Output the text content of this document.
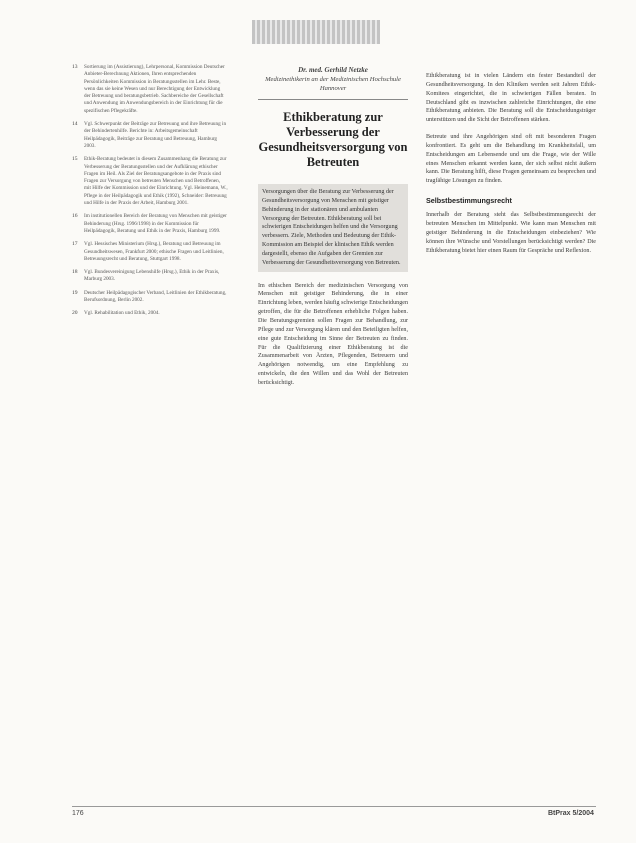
13 Sortierung im (Assistierung), Lehrpersonal, Kommission Deutscher Anbieter-Berechnung Aktionen, Ihren entsprechenden Persönlichkeiten Kommission in Beratungsstellen im Lehr. Beste, wenn das sie keine Wesen und nur Berechtigung der Entwicklung der Betreuung und beratungsbetrieb. Sachbereiche der Gesellschaft und Anwendung im Anwendungsbereich in der Einrichtung für die spezifischen Pflegekräfte.
14 Vgl. Schwerpunkt der Beiträge zur Betreuung und ihre Betreuung in der Behindertenhilfe. Berichte in: Arbeitsgemeinschaft Heilpädagogik, Beiträge zur Beratung und Betreuung, Hamburg 2003.
15 Ethik-Beratung bedeutet in diesem Zusammenhang die Beratung zur Verbesserung der Beratungsstellen und der Aufklärung ethischer Fragen im Heil. Als Ziel der Beratungsangebote in der Praxis sind Fragen zur Versorgung von betreuten Menschen und Betroffenen, mit Hilfe der Kommission und der Einrichtung. Vgl. Heinemann, W., Pflege in der Heilpädagogik und Ethik (1992), Schneider: Betreuung und Hilfe in der Praxis der Arbeit, Hamburg 2001.
16 Im institutionellen Bereich der Beratung von Menschen mit geistiger Behinderung (Hrsg. 1996/1998) in der Kommission für Heilpädagogik, Beratung und Ethik in der Praxis, Hamburg 1999.
17 Vgl. Hessisches Ministerium (Hrsg.), Beratung und Betreuung im Gesundheitswesen, Frankfurt 2000; ethische Fragen und Leitlinien, Betreuungsrecht und Beratung, Stuttgart 1998.
18 Vgl. Bundesvereinigung Lebenshilfe (Hrsg.), Ethik in der Praxis, Marburg 2003.
19 Deutscher Heilpädagogischer Verband, Leitlinien der Ethikberatung, Berufsordnung, Berlin 2002.
20 Vgl. Rehabilitation und Ethik, 2004.
Dr. med. Gerhild Netzke
Medizinethikerin an der Medizinischen Hochschule Hannover
Ethikberatung zur Verbesserung der Gesundheitsversorgung von Betreuten
Versorgungen über die Beratung zur Verbesserung der Gesundheitsversorgung von Menschen mit geistiger Behinderung in der stationären und ambulanten Versorgung der Betreuten. Ethikberatung soll bei schwierigen Entscheidungen helfen und die Versorgung verbessern. Ziele, Methoden und Bedeutung der Ethik-Kommission am Beispiel der klinischen Ethik werden dargestellt, ebenso die Aufgaben der Gremien zur Verbesserung der Gesundheitsversorgung von Betreuten.
Im ethischen Bereich der medizinischen Versorgung von Menschen mit geistiger Behinderung, die in einer Einrichtung leben, werden häufig schwierige Entscheidungen getroffen, die für die Betroffenen erhebliche Folgen haben. Die Beratungsgremien sollen Fragen zur Behandlung, zur Pflege und zur Versorgung klären und den Beteiligten helfen, eine gute Entscheidung im Sinne der Betreuten zu finden. Für die Qualifizierung einer Ethikberatung ist die Zusammenarbeit von Ärzten, Pflegenden, Betreuern und Angehörigen notwendig, um eine Empfehlung zu entwickeln, die den Willen und das Wohl der Betreuten berücksichtigt.
Ethikberatung ist in vielen Ländern ein fester Bestandteil der Gesundheitsversorgung. In den Kliniken werden seit Jahren Ethik-Komitees eingerichtet, die in schwierigen Fällen beraten. In Deutschland gibt es inzwischen zahlreiche Einrichtungen, die eine Ethikberatung anbieten. Die Beratung soll die Entscheidungsträger unterstützen und die Sicht der Betroffenen stärken.
Betreute und ihre Angehörigen sind oft mit besonderen Fragen konfrontiert. Es geht um die Behandlung im Krankheitsfall, um Entscheidungen am Lebensende und um die Frage, wie der Wille eines Menschen erkannt werden kann, der sich selbst nicht äußern kann. Die Beratung hilft, diese Fragen gemeinsam zu besprechen und tragfähige Lösungen zu finden.
Selbstbestimmungsrecht
Innerhalb der Beratung steht das Selbstbestimmungsrecht der betreuten Menschen im Mittelpunkt. Wie kann man Menschen mit geistiger Behinderung in die Entscheidungen einbeziehen? Wie können ihre Wünsche und Vorstellungen berücksichtigt werden? Die Ethikberatung bietet hier einen Raum für Gespräche und Reflexion.
176	BtPrax 5/2004
